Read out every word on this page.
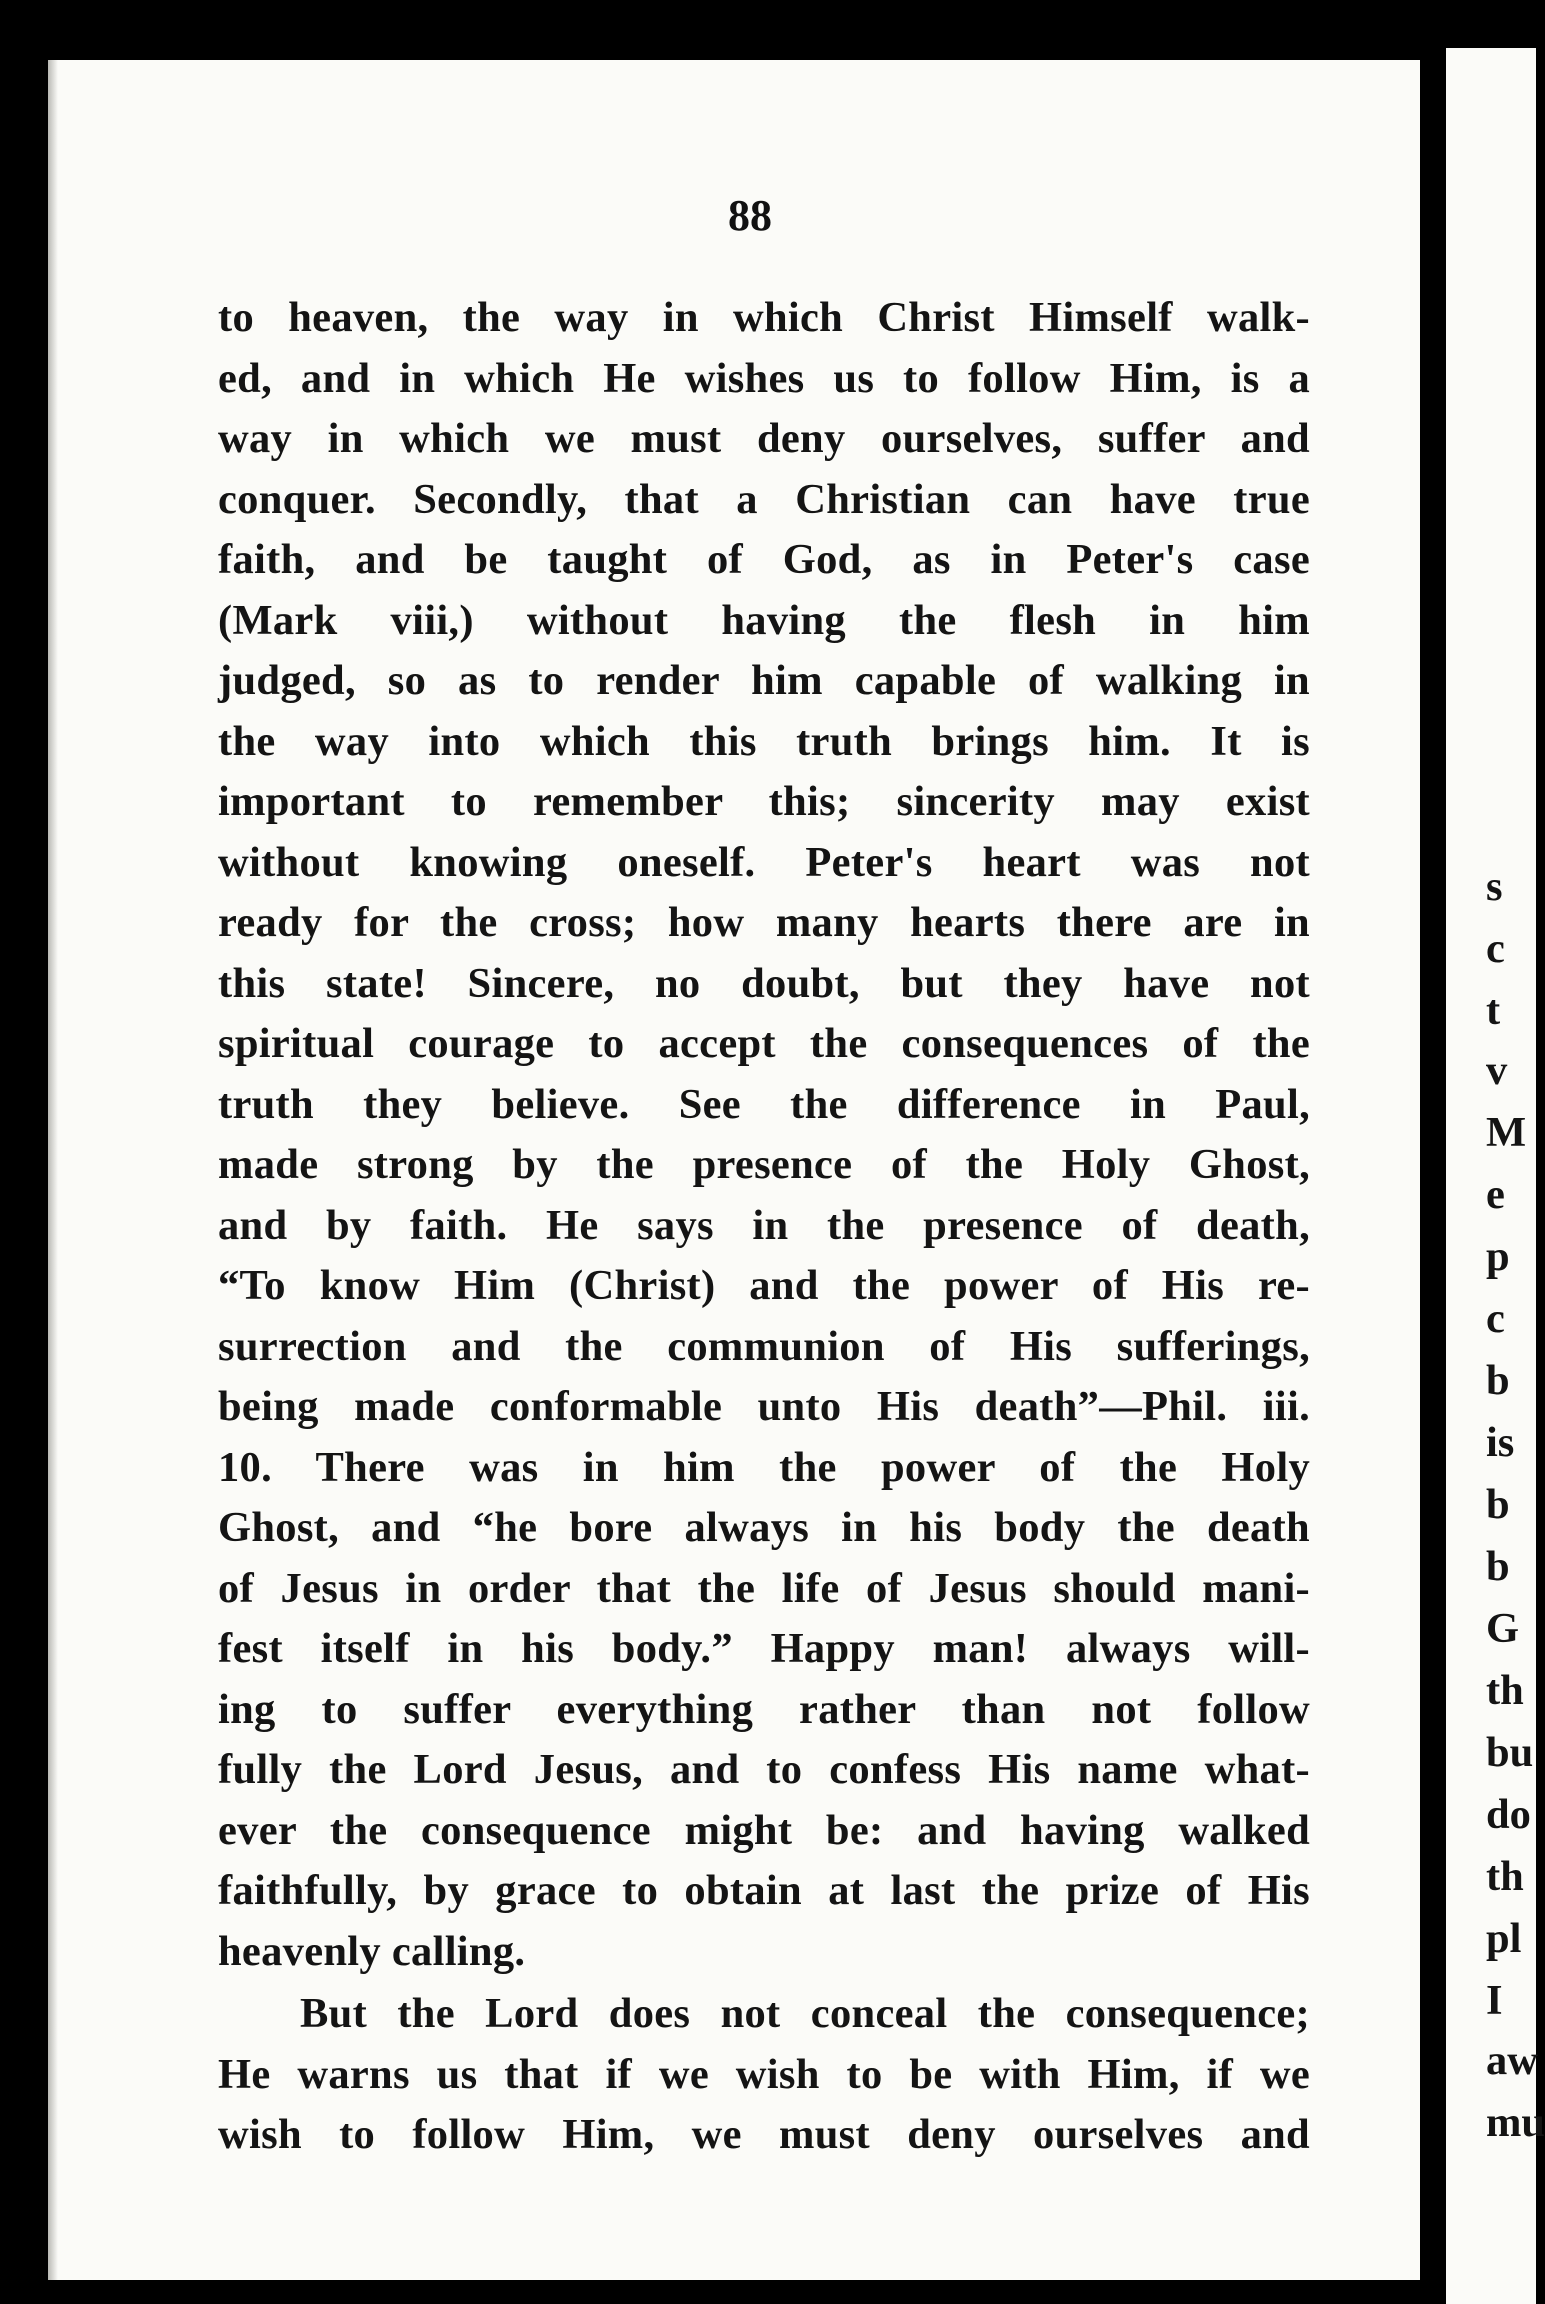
88

to heaven, the way in which Christ Himself walk-
ed, and in which He wishes us to follow Him, is a
way in which we must deny ourselves, suffer and
conquer. Secondly, that a Christian can have true
faith, and be taught of God, as in Peter's case
(Mark viii,) without having the flesh in him
judged, so as to render him capable of walking in
the way into which this truth brings him. It is
important to remember this; sincerity may exist
without knowing oneself. Peter's heart was not
ready for the cross; how many hearts there are in
this state! Sincere, no doubt, but they have not
spiritual courage to accept the consequences of the
truth they believe. See the difference in Paul,
made strong by the presence of the Holy Ghost,
and by faith. He says in the presence of death,
“To know Him (Christ) and the power of His re-
surrection and the communion of His sufferings,
being made conformable unto His death”—Phil. iii.
10. There was in him the power of the Holy
Ghost, and “he bore always in his body the death
of Jesus in order that the life of Jesus should mani-
fest itself in his body.” Happy man! always will-
ing to suffer everything rather than not follow
fully the Lord Jesus, and to confess His name what-
ever the consequence might be: and having walked
faithfully, by grace to obtain at last the prize of His
heavenly calling.
But the Lord does not conceal the consequence;
He warns us that if we wish to be with Him, if we
wish to follow Him, we must deny ourselves and
s
c
t
v
M
e
p
c
b
is
b
b
G
th
bu
do
th
pl
I
aw
mu
